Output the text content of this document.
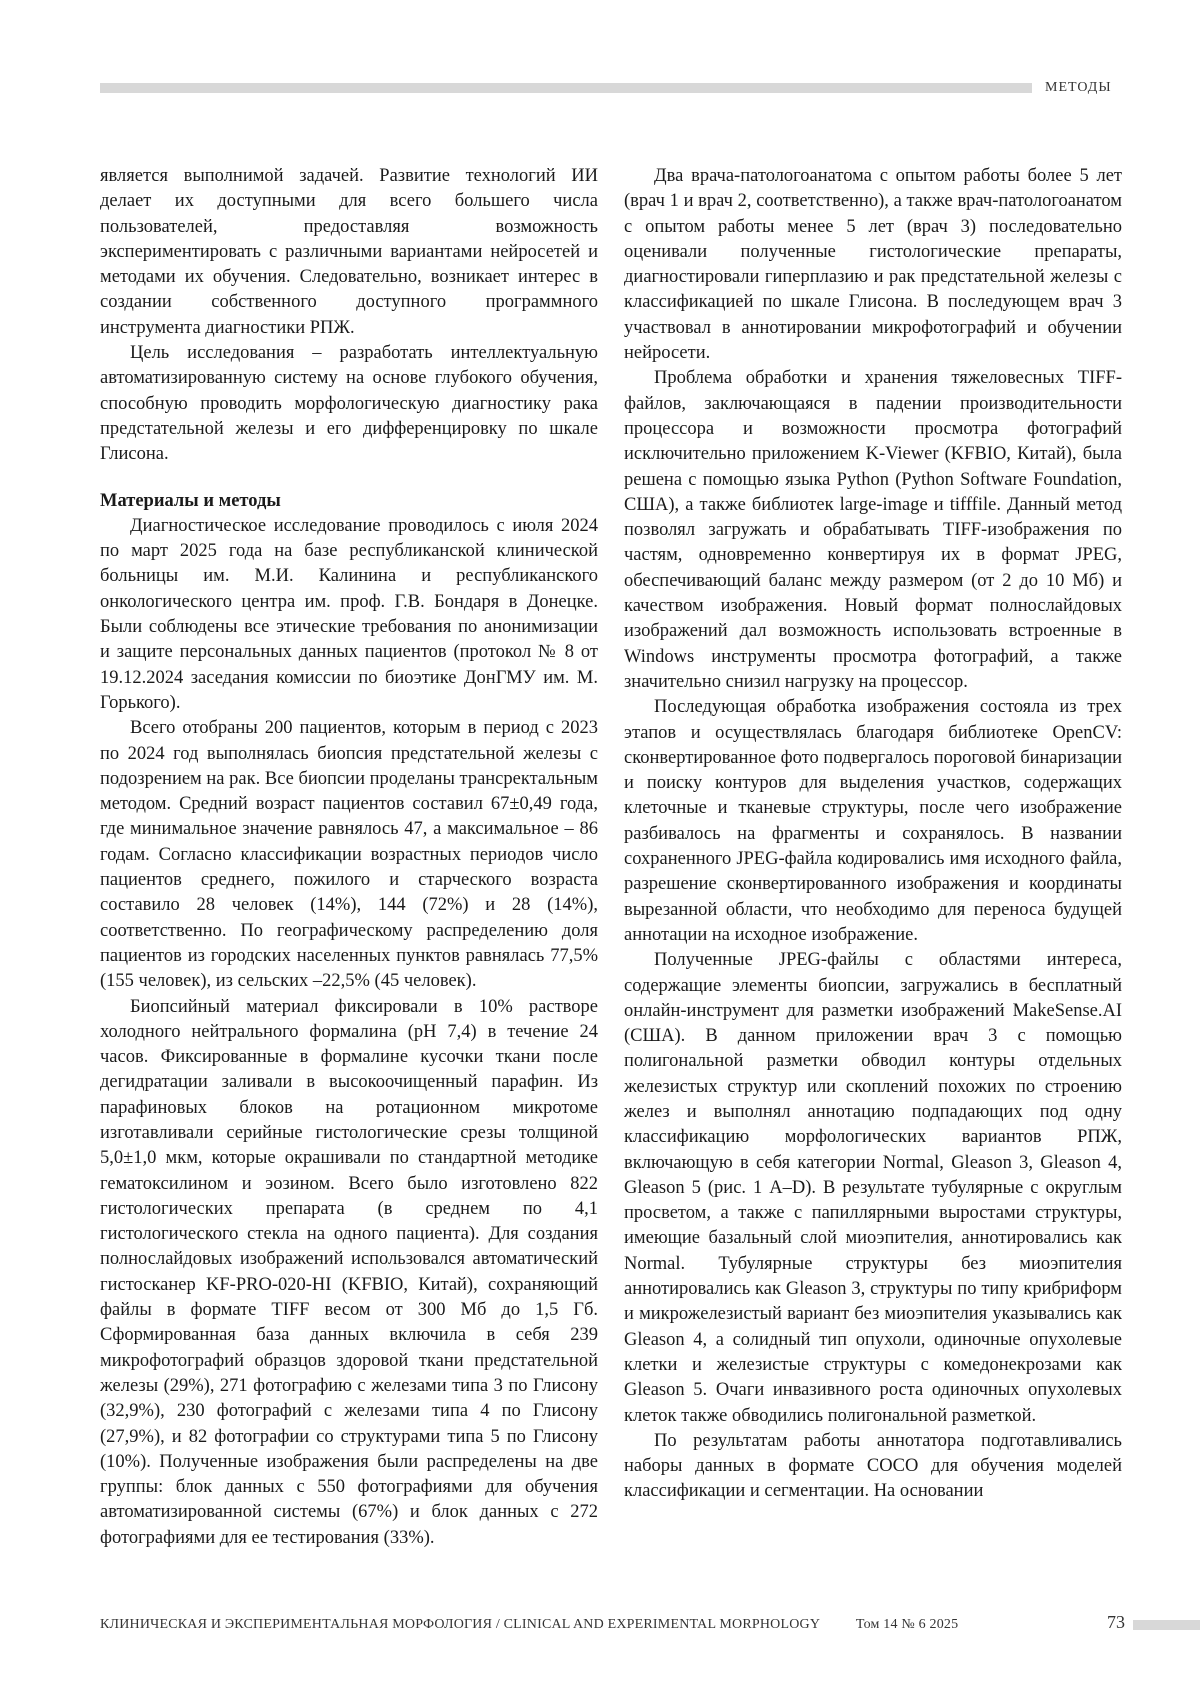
МЕТОДЫ

является выполнимой задачей. Развитие технологий ИИ делает их доступными для всего большего числа пользователей, предоставляя возможность экспериментировать с различными вариантами нейросетей и методами их обучения. Следовательно, возникает интерес в создании собственного доступного программного инструмента диагностики РПЖ.

Цель исследования – разработать интеллектуальную автоматизированную систему на основе глубокого обучения, способную проводить морфологическую диагностику рака предстательной железы и его дифференцировку по шкале Глисона.

Материалы и методы

Диагностическое исследование проводилось с июля 2024 по март 2025 года на базе республиканской клинической больницы им. М.И. Калинина и республиканского онкологического центра им. проф. Г.В. Бондаря в Донецке. Были соблюдены все этические требования по анонимизации и защите персональных данных пациентов (протокол № 8 от 19.12.2024 заседания комиссии по биоэтике ДонГМУ им. М. Горького).

Всего отобраны 200 пациентов, которым в период с 2023 по 2024 год выполнялась биопсия предстательной железы с подозрением на рак. Все биопсии проделаны трансректальным методом. Средний возраст пациентов составил 67±0,49 года, где минимальное значение равнялось 47, а максимальное – 86 годам. Согласно классификации возрастных периодов число пациентов среднего, пожилого и старческого возраста составило 28 человек (14%), 144 (72%) и 28 (14%), соответственно. По географическому распределению доля пациентов из городских населенных пунктов равнялась 77,5% (155 человек), из сельских –22,5% (45 человек).

Биопсийный материал фиксировали в 10% растворе холодного нейтрального формалина (pH 7,4) в течение 24 часов. Фиксированные в формалине кусочки ткани после дегидратации заливали в высокоочищенный парафин. Из парафиновых блоков на ротационном микротоме изготавливали серийные гистологические срезы толщиной 5,0±1,0 мкм, которые окрашивали по стандартной методике гематоксилином и эозином. Всего было изготовлено 822 гистологических препарата (в среднем по 4,1 гистологического стекла на одного пациента). Для создания полнослайдовых изображений использовался автоматический гистосканер KF-PRO-020-HI (KFBIO, Китай), сохраняющий файлы в формате TIFF весом от 300 Мб до 1,5 Гб. Сформированная база данных включила в себя 239 микрофотографий образцов здоровой ткани предстательной железы (29%), 271 фотографию с железами типа 3 по Глисону (32,9%), 230 фотографий с железами типа 4 по Глисону (27,9%), и 82 фотографии со структурами типа 5 по Глисону (10%). Полученные изображения были распределены на две группы: блок данных с 550 фотографиями для обучения автоматизированной системы (67%) и блок данных с 272 фотографиями для ее тестирования (33%).

Два врача-патологоанатома с опытом работы более 5 лет (врач 1 и врач 2, соответственно), а также врач-патологоанатом с опытом работы менее 5 лет (врач 3) последовательно оценивали полученные гистологические препараты, диагностировали гиперплазию и рак предстательной железы с классификацией по шкале Глисона. В последующем врач 3 участвовал в аннотировании микрофотографий и обучении нейросети.

Проблема обработки и хранения тяжеловесных TIFF-файлов, заключающаяся в падении производительности процессора и возможности просмотра фотографий исключительно приложением K-Viewer (KFBIO, Китай), была решена с помощью языка Python (Python Software Foundation, США), а также библиотек large-image и tifffile. Данный метод позволял загружать и обрабатывать TIFF-изображения по частям, одновременно конвертируя их в формат JPEG, обеспечивающий баланс между размером (от 2 до 10 Мб) и качеством изображения. Новый формат полнослайдовых изображений дал возможность использовать встроенные в Windows инструменты просмотра фотографий, а также значительно снизил нагрузку на процессор.

Последующая обработка изображения состояла из трех этапов и осуществлялась благодаря библиотеке OpenCV: сконвертированное фото подвергалось пороговой бинаризации и поиску контуров для выделения участков, содержащих клеточные и тканевые структуры, после чего изображение разбивалось на фрагменты и сохранялось. В названии сохраненного JPEG-файла кодировались имя исходного файла, разрешение сконвертированного изображения и координаты вырезанной области, что необходимо для переноса будущей аннотации на исходное изображение.

Полученные JPEG-файлы с областями интереса, содержащие элементы биопсии, загружались в бесплатный онлайн-инструмент для разметки изображений MakeSense.AI (США). В данном приложении врач 3 с помощью полигональной разметки обводил контуры отдельных железистых структур или скоплений похожих по строению желез и выполнял аннотацию подпадающих под одну классификацию морфологических вариантов РПЖ, включающую в себя категории Normal, Gleason 3, Gleason 4, Gleason 5 (рис. 1 A–D). В результате тубулярные с округлым просветом, а также с папиллярными выростами структуры, имеющие базальный слой миоэпителия, аннотировались как Normal. Тубулярные структуры без миоэпителия аннотировались как Gleason 3, структуры по типу крибриформ и микрожелезистый вариант без миоэпителия указывались как Gleason 4, а солидный тип опухоли, одиночные опухолевые клетки и железистые структуры с комедонекрозами как Gleason 5. Очаги инвазивного роста одиночных опухолевых клеток также обводились полигональной разметкой.

По результатам работы аннотатора подготавливались наборы данных в формате COCO для обучения моделей классификации и сегментации. На основании

КЛИНИЧЕСКАЯ И ЭКСПЕРИМЕНТАЛЬНАЯ МОРФОЛОГИЯ / CLINICAL AND EXPERIMENTAL MORPHOLOGY	Том 14 № 6 2025	73
